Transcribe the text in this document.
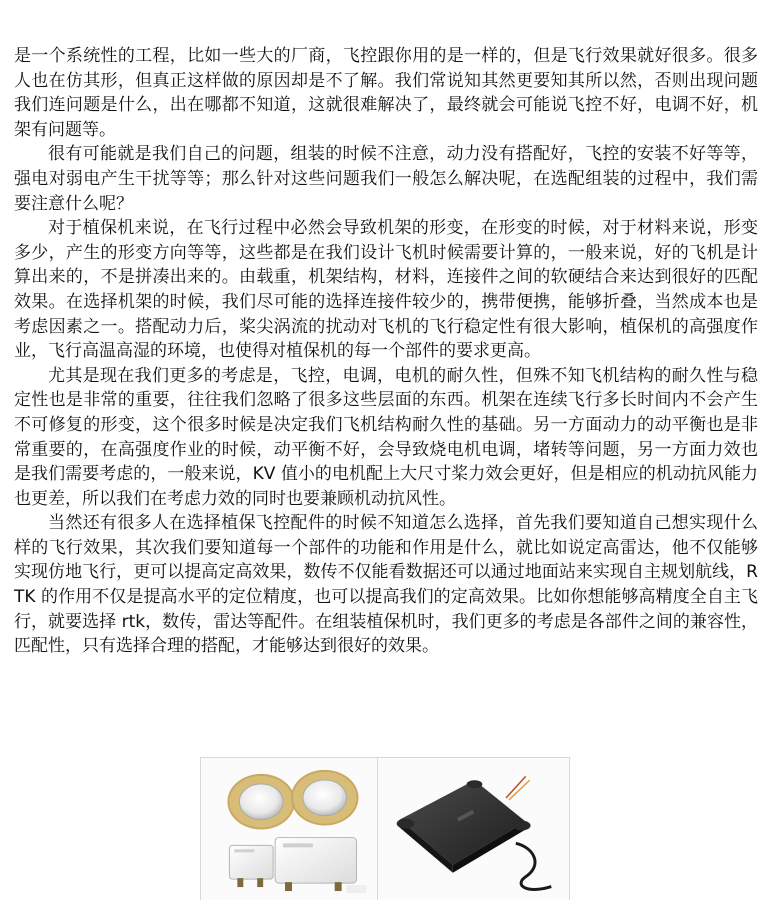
是一个系统性的工程，比如一些大的厂商，飞控跟你用的是一样的，但是飞行效果就好很多。很多人也在仿其形，但真正这样做的原因却是不了解。我们常说知其然更要知其所以然，否则出现问题我们连问题是什么，出在哪都不知道，这就很难解决了，最终就会可能说飞控不好，电调不好，机架有问题等。

很有可能就是我们自己的问题，组装的时候不注意，动力没有搭配好，飞控的安装不好等等，强电对弱电产生干扰等等；那么针对这些问题我们一般怎么解决呢，在选配组装的过程中，我们需要注意什么呢？

对于植保机来说，在飞行过程中必然会导致机架的形变，在形变的时候，对于材料来说，形变多少，产生的形变方向等等，这些都是在我们设计飞机时候需要计算的，一般来说，好的飞机是计算出来的，不是拼凑出来的。由载重，机架结构，材料，连接件之间的软硬结合来达到很好的匹配效果。在选择机架的时候，我们尽可能的选择连接件较少的，携带便携，能够折叠，当然成本也是考虑因素之一。搭配动力后，桨尖涡流的扰动对飞机的飞行稳定性有很大影响，植保机的高强度作业，飞行高温高湿的环境，也使得对植保机的每一个部件的要求更高。

尤其是现在我们更多的考虑是，飞控，电调，电机的耐久性，但殊不知飞机结构的耐久性与稳定性也是非常的重要，往往我们忽略了很多这些层面的东西。机架在连续飞行多长时间内不会产生不可修复的形变，这个很多时候是决定我们飞机结构耐久性的基础。另一方面动力的动平衡也是非常重要的，在高强度作业的时候，动平衡不好，会导致烧电机电调，堵转等问题，另一方面力效也是我们需要考虑的，一般来说，KV 值小的电机配上大尺寸桨力效会更好，但是相应的机动抗风能力也更差，所以我们在考虑力效的同时也要兼顾机动抗风性。

当然还有很多人在选择植保飞控配件的时候不知道怎么选择，首先我们要知道自己想实现什么样的飞行效果，其次我们要知道每一个部件的功能和作用是什么，就比如说定高雷达，他不仅能够实现仿地飞行，更可以提高定高效果，数传不仅能看数据还可以通过地面站来实现自主规划航线，RTK 的作用不仅是提高水平的定位精度，也可以提高我们的定高效果。比如你想能够高精度全自主飞行，就要选择 rtk，数传，雷达等配件。在组装植保机时，我们更多的考虑是各部件之间的兼容性，匹配性，只有选择合理的搭配，才能够达到很好的效果。
